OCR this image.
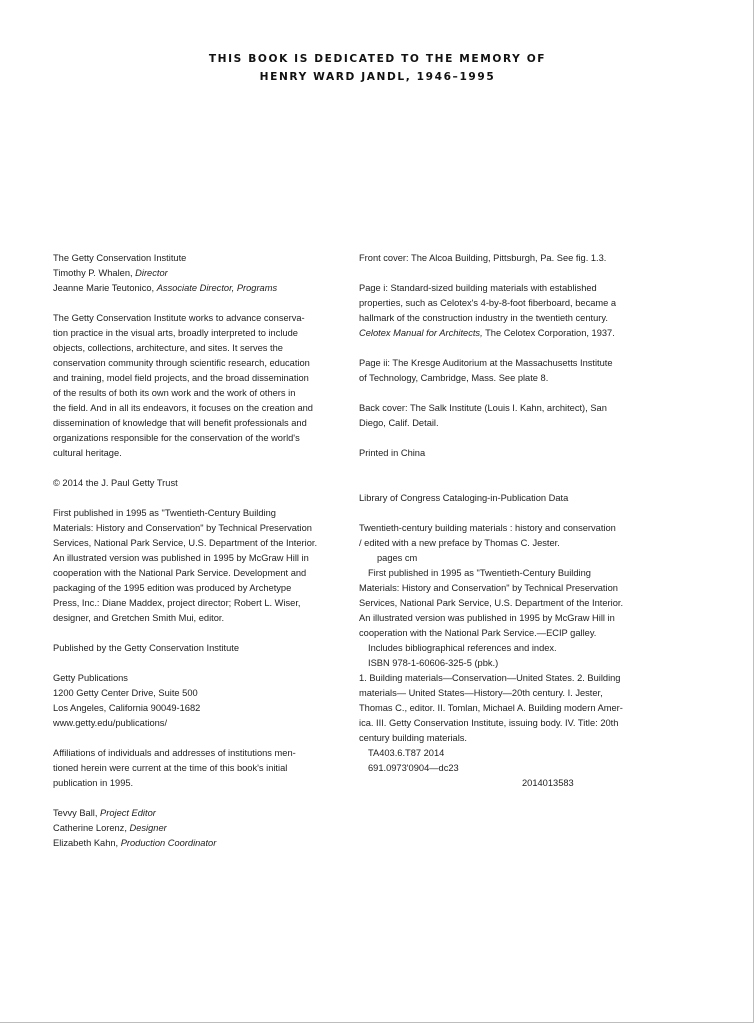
THIS BOOK IS DEDICATED TO THE MEMORY OF
HENRY WARD JANDL, 1946–1995
The Getty Conservation Institute
Timothy P. Whalen, Director
Jeanne Marie Teutonico, Associate Director, Programs
The Getty Conservation Institute works to advance conserva-
tion practice in the visual arts, broadly interpreted to include
objects, collections, architecture, and sites. It serves the
conservation community through scientific research, education
and training, model field projects, and the broad dissemination
of the results of both its own work and the work of others in
the field. And in all its endeavors, it focuses on the creation and
dissemination of knowledge that will benefit professionals and
organizations responsible for the conservation of the world's
cultural heritage.
© 2014 the J. Paul Getty Trust
First published in 1995 as "Twentieth-Century Building
Materials: History and Conservation" by Technical Preservation
Services, National Park Service, U.S. Department of the Interior.
An illustrated version was published in 1995 by McGraw Hill in
cooperation with the National Park Service. Development and
packaging of the 1995 edition was produced by Archetype
Press, Inc.: Diane Maddex, project director; Robert L. Wiser,
designer, and Gretchen Smith Mui, editor.
Published by the Getty Conservation Institute
Getty Publications
1200 Getty Center Drive, Suite 500
Los Angeles, California 90049-1682
www.getty.edu/publications/
Affiliations of individuals and addresses of institutions men-
tioned herein were current at the time of this book's initial
publication in 1995.
Tevvy Ball, Project Editor
Catherine Lorenz, Designer
Elizabeth Kahn, Production Coordinator
Front cover: The Alcoa Building, Pittsburgh, Pa. See fig. 1.3.
Page i: Standard-sized building materials with established
properties, such as Celotex's 4-by-8-foot fiberboard, became a
hallmark of the construction industry in the twentieth century.
Celotex Manual for Architects, The Celotex Corporation, 1937.
Page ii: The Kresge Auditorium at the Massachusetts Institute
of Technology, Cambridge, Mass. See plate 8.
Back cover: The Salk Institute (Louis I. Kahn, architect), San
Diego, Calif. Detail.
Printed in China
Library of Congress Cataloging-in-Publication Data
Twentieth-century building materials : history and conservation
/ edited with a new preface by Thomas C. Jester.
pages cm
First published in 1995 as "Twentieth-Century Building
Materials: History and Conservation" by Technical Preservation
Services, National Park Service, U.S. Department of the Interior.
An illustrated version was published in 1995 by McGraw Hill in
cooperation with the National Park Service.—ECIP galley.
Includes bibliographical references and index.
ISBN 978-1-60606-325-5 (pbk.)
1. Building materials—Conservation—United States. 2. Building
materials— United States—History—20th century. I. Jester,
Thomas C., editor. II. Tomlan, Michael A. Building modern Amer-
ica. III. Getty Conservation Institute, issuing body. IV. Title: 20th
century building materials.
TA403.6.T87 2014
691.0973'0904—dc23
2014013583
